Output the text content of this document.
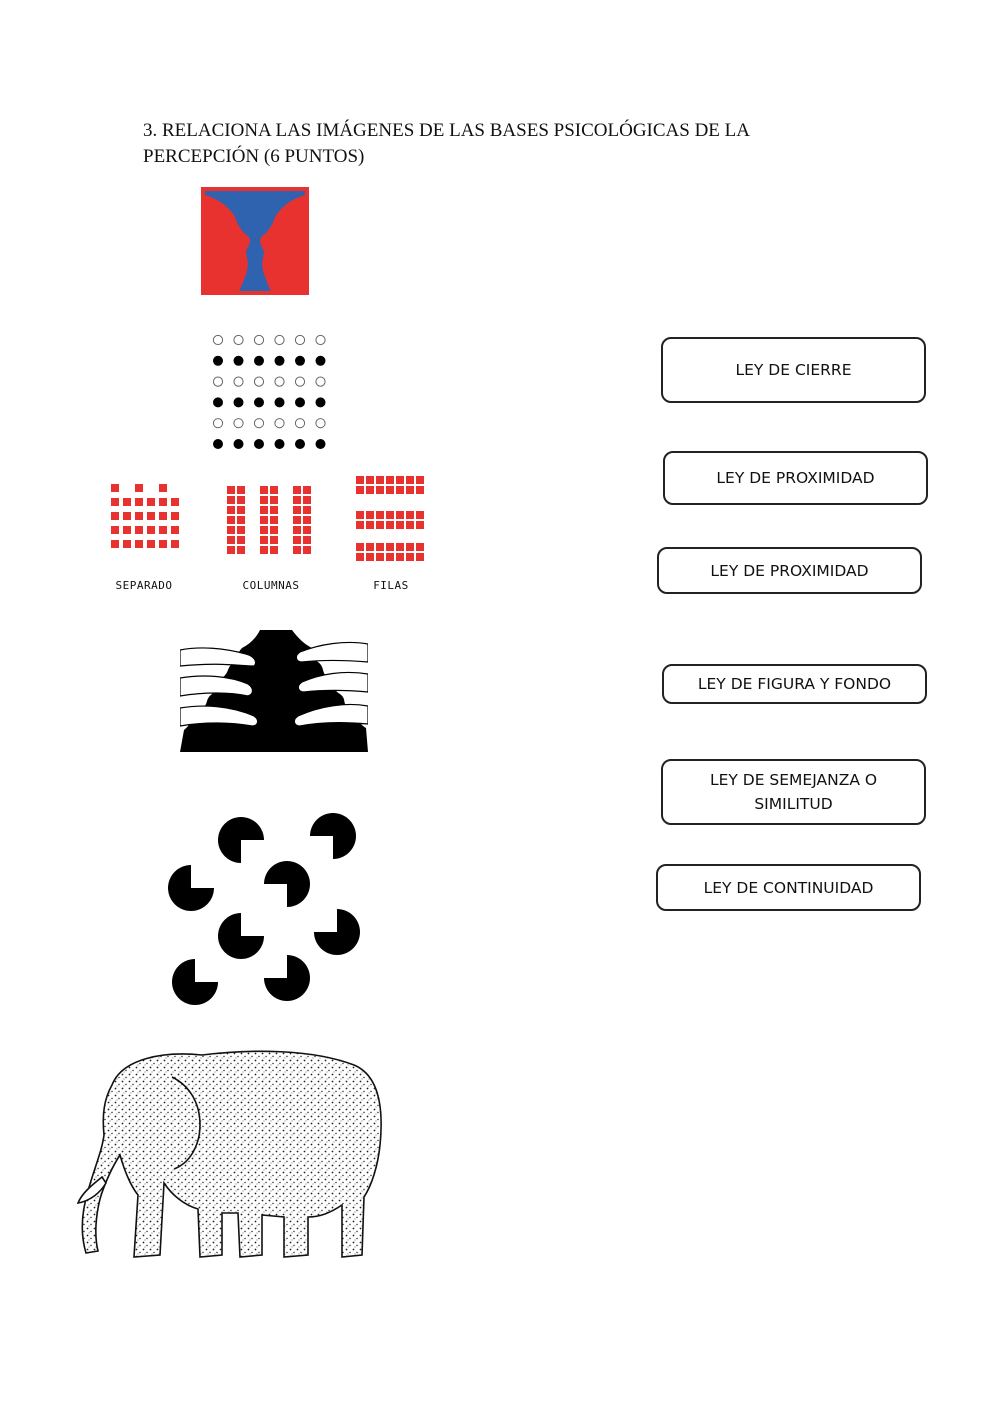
3. RELACIONA LAS IMÁGENES DE LAS BASES PSICOLÓGICAS DE LA PERCEPCIÓN (6 PUNTOS)
SEPARADO	COLUMNAS	FILAS
LEY DE CIERRE
LEY DE PROXIMIDAD
LEY DE PROXIMIDAD
LEY DE FIGURA Y FONDO
LEY DE SEMEJANZA O SIMILITUD
LEY DE CONTINUIDAD
